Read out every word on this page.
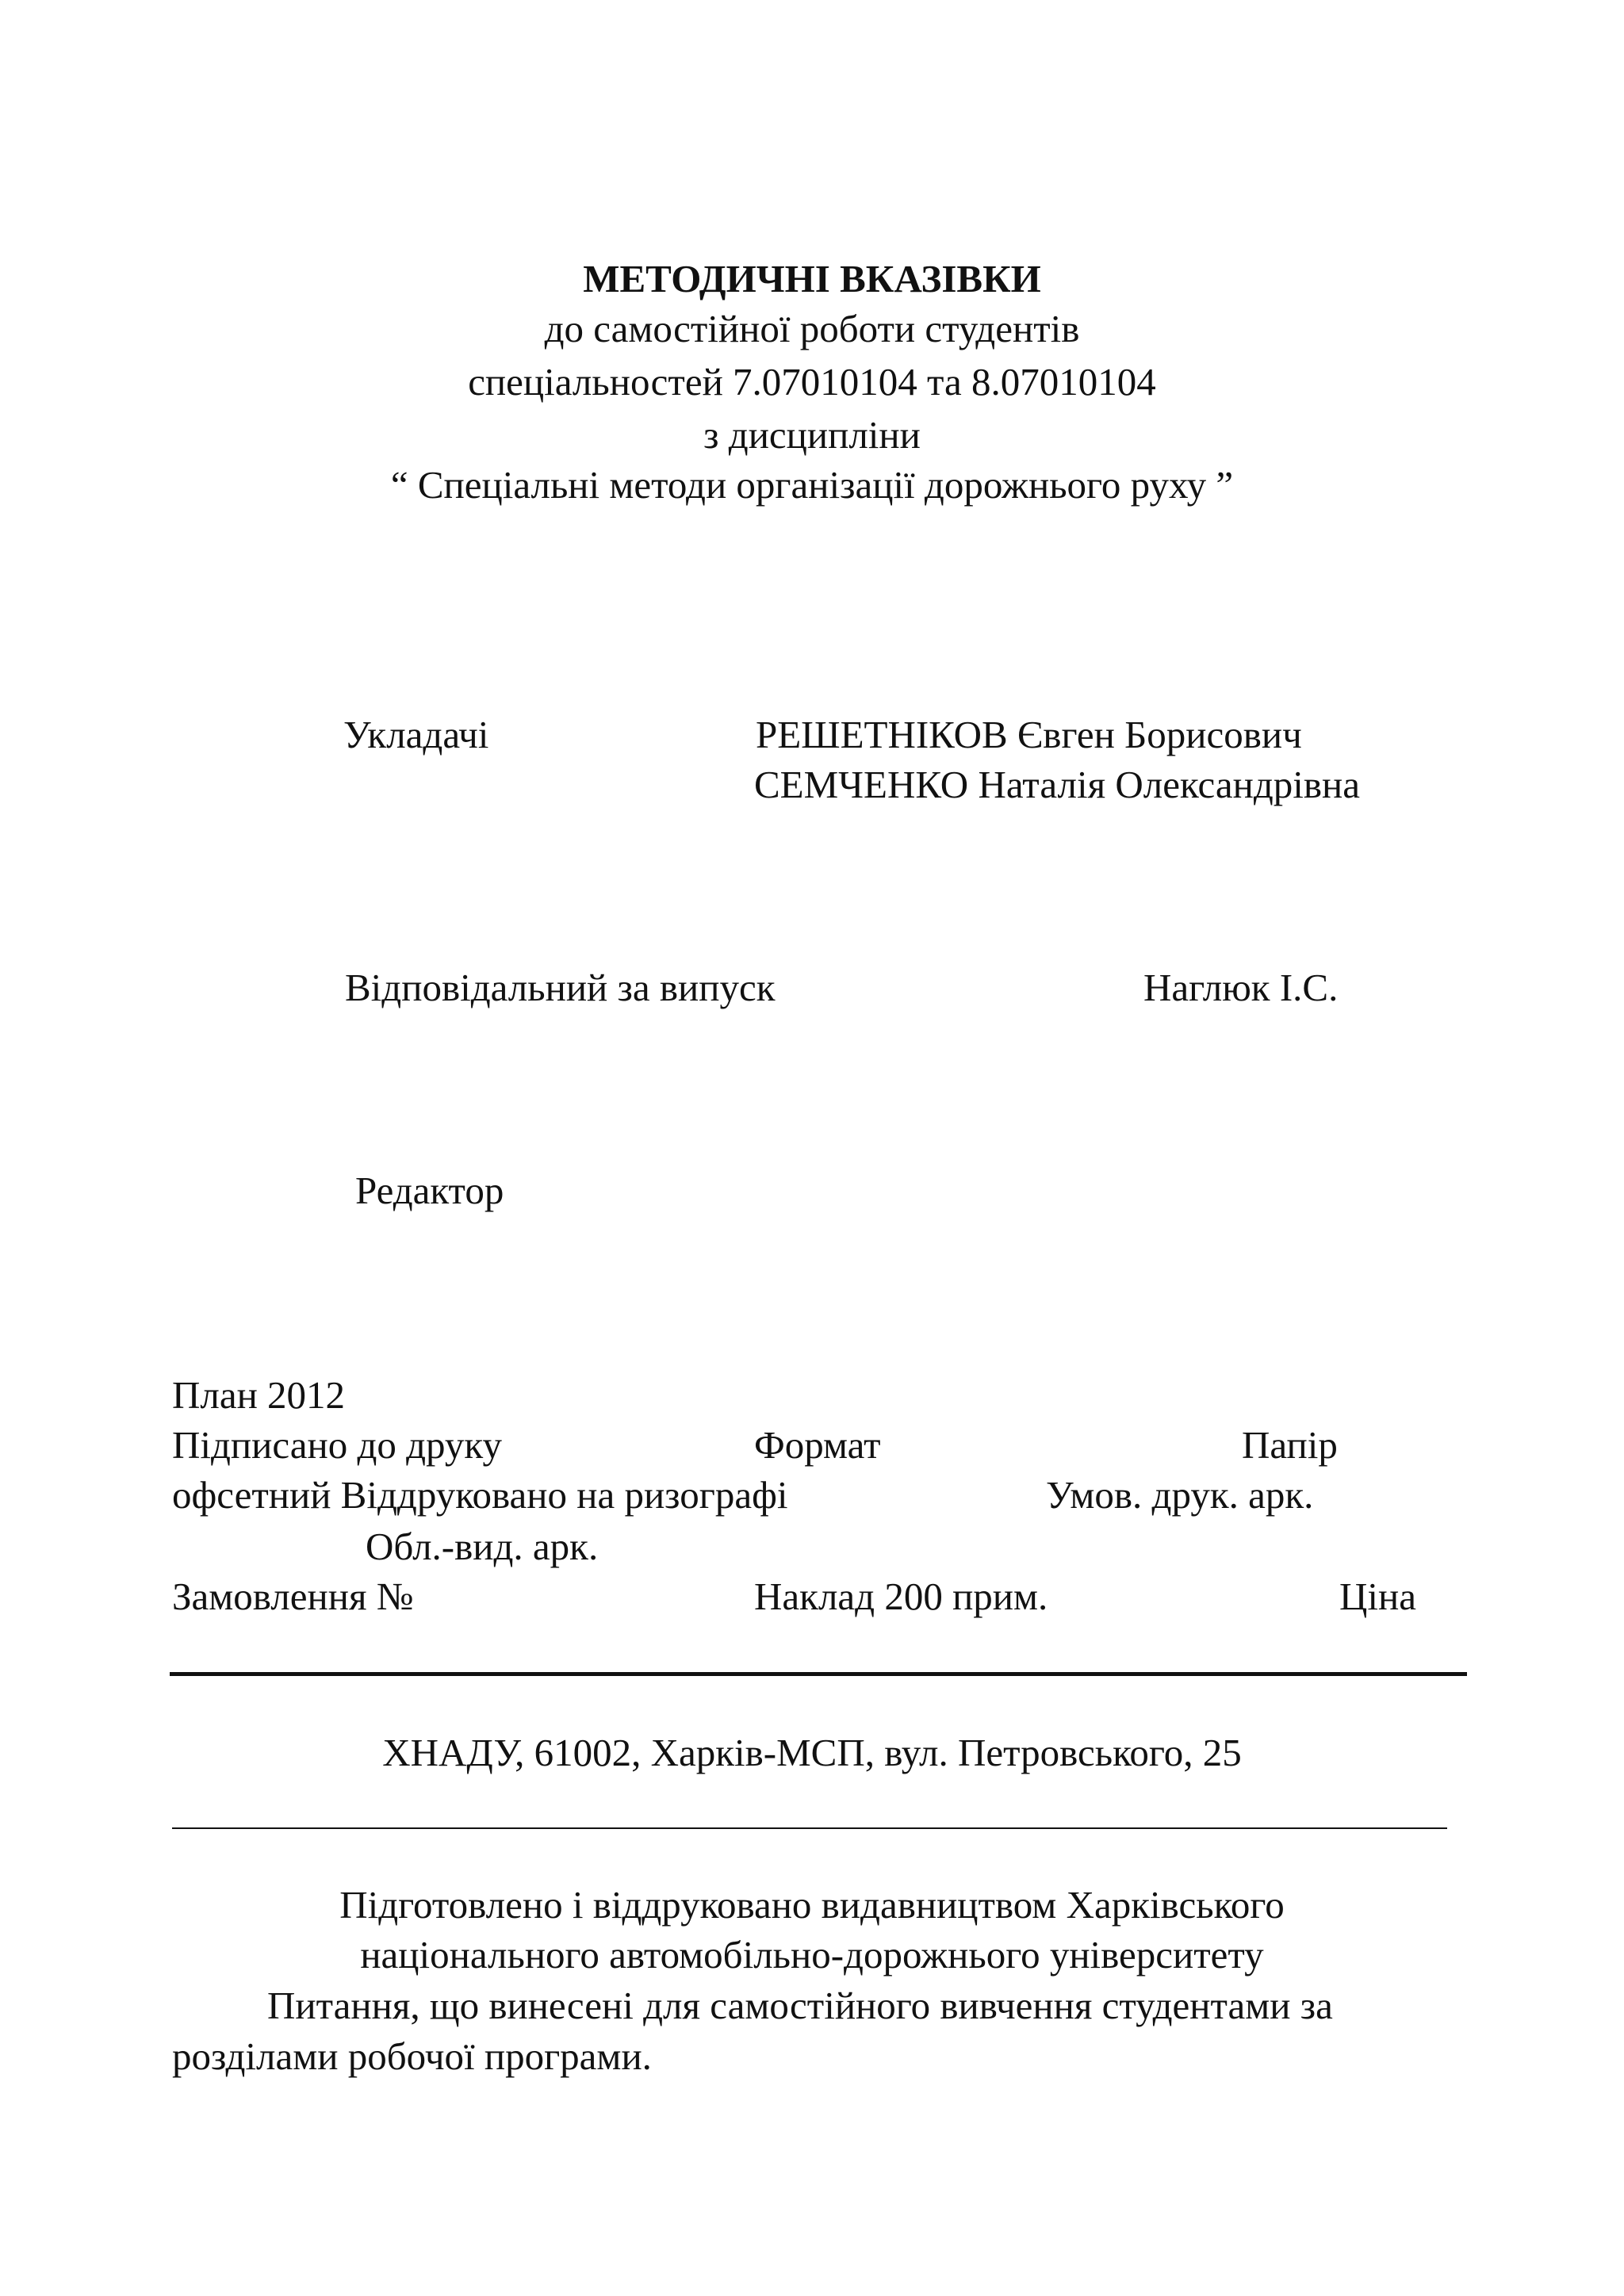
МЕТОДИЧНІ ВКАЗІВКИ
до самостійної роботи студентів
спеціальностей 7.07010104 та 8.07010104
з дисципліни
“ Спеціальні методи організації дорожнього руху ”
Укладачі	РЕШЕТНІКОВ Євген Борисович
СЕМЧЕНКО Наталія Олександрівна
Відповідальний за випуск	Наглюк І.С.
Редактор
План 2012
Підписано до друку	Формат	Папір
офсетний Віддруковано на ризографі	Умов. друк. арк.
Обл.-вид. арк.
Замовлення №	Наклад 200 прим.	Ціна
ХНАДУ, 61002, Харків-МСП, вул. Петровського, 25
Підготовлено і віддруковано видавництвом Харківського
національного автомобільно-дорожнього університету
Питання, що винесені для самостійного вивчення студентами за
розділами робочої програми.
